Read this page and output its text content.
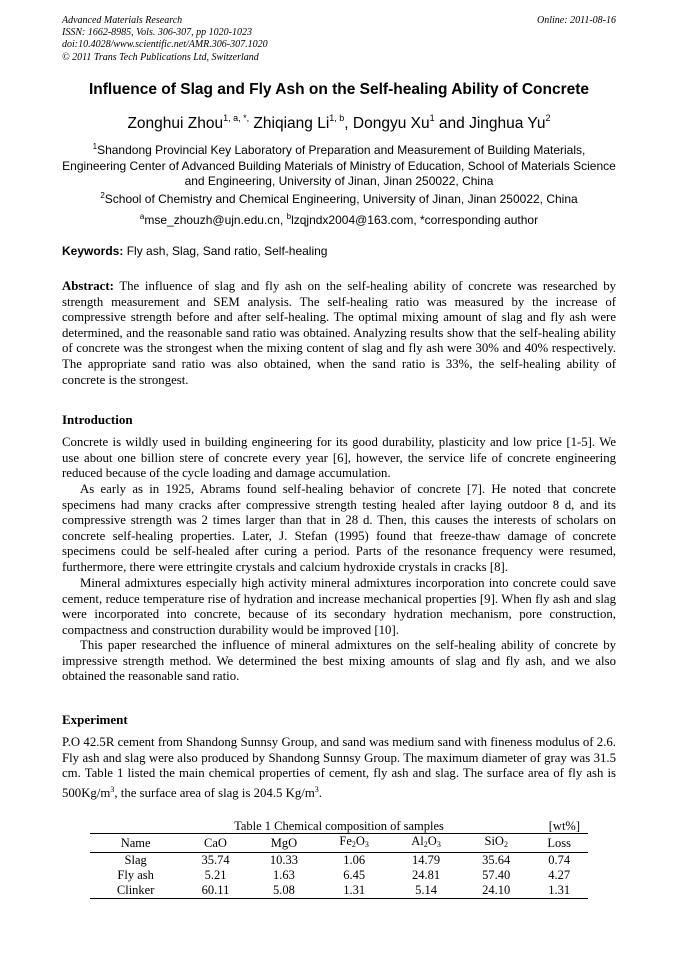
Advanced Materials Research
ISSN: 1662-8985, Vols. 306-307, pp 1020-1023
doi:10.4028/www.scientific.net/AMR.306-307.1020
© 2011 Trans Tech Publications Ltd, Switzerland
Online: 2011-08-16
Influence of Slag and Fly Ash on the Self-healing Ability of Concrete
Zonghui Zhou$^{1, a, *,}$ Zhiqiang Li$^{1, b}$, Dongyu Xu$^1$ and Jinghua Yu$^2$
$^1$Shandong Provincial Key Laboratory of Preparation and Measurement of Building Materials, Engineering Center of Advanced Building Materials of Ministry of Education, School of Materials Science and Engineering, University of Jinan, Jinan 250022, China
$^2$School of Chemistry and Chemical Engineering, University of Jinan, Jinan 250022, China
$^a$mse_zhouzh@ujn.edu.cn, $^b$lzqjndx2004@163.com, *corresponding author
Keywords: Fly ash, Slag, Sand ratio, Self-healing
Abstract: The influence of slag and fly ash on the self-healing ability of concrete was researched by strength measurement and SEM analysis. The self-healing ratio was measured by the increase of compressive strength before and after self-healing. The optimal mixing amount of slag and fly ash were determined, and the reasonable sand ratio was obtained. Analyzing results show that the self-healing ability of concrete was the strongest when the mixing content of slag and fly ash were 30% and 40% respectively. The appropriate sand ratio was also obtained, when the sand ratio is 33%, the self-healing ability of concrete is the strongest.
Introduction
Concrete is wildly used in building engineering for its good durability, plasticity and low price [1-5]. We use about one billion stere of concrete every year [6], however, the service life of concrete engineering reduced because of the cycle loading and damage accumulation.
As early as in 1925, Abrams found self-healing behavior of concrete [7]. He noted that concrete specimens had many cracks after compressive strength testing healed after laying outdoor 8 d, and its compressive strength was 2 times larger than that in 28 d. Then, this causes the interests of scholars on concrete self-healing properties. Later, J. Stefan (1995) found that freeze-thaw damage of concrete specimens could be self-healed after curing a period. Parts of the resonance frequency were resumed, furthermore, there were ettringite crystals and calcium hydroxide crystals in cracks [8].
Mineral admixtures especially high activity mineral admixtures incorporation into concrete could save cement, reduce temperature rise of hydration and increase mechanical properties [9]. When fly ash and slag were incorporated into concrete, because of its secondary hydration mechanism, pore construction, compactness and construction durability would be improved [10].
This paper researched the influence of mineral admixtures on the self-healing ability of concrete by impressive strength method. We determined the best mixing amounts of slag and fly ash, and we also obtained the reasonable sand ratio.
Experiment
P.O 42.5R cement from Shandong Sunnsy Group, and sand was medium sand with fineness modulus of 2.6. Fly ash and slag were also produced by Shandong Sunnsy Group. The maximum diameter of gray was 31.5 cm. Table 1 listed the main chemical properties of cement, fly ash and slag. The surface area of fly ash is $500Kg/m^3$, the surface area of slag is 204.5 $Kg/m^3$.
Table 1 Chemical composition of samples	[wt%]
Name	CaO	MgO	$Fe_2O_3$	$Al_2O_3$	SiO$_2$	Loss
Slag	35.74	10.33	1.06	14.79	35.64	0.74
Fly ash	5.21	1.63	6.45	24.81	57.40	4.27
Clinker	60.11	5.08	1.31	5.14	24.10	1.31
